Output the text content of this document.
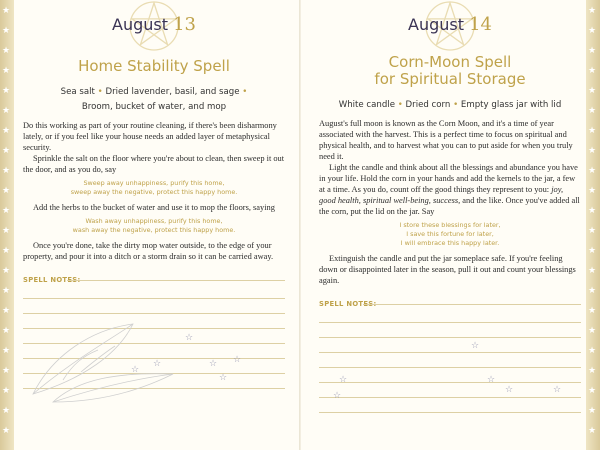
★
★
★
★
★
★
★
★
★
★
★
★
★
★
★
★
★
★
★
★
★
★
★
★
★
★
★
★
★
★
★
★
★
★
★
★
★
★
★
★
★
★
★
★
August 13
Home Stability Spell
Sea salt • Dried lavender, basil, and sage •
Broom, bucket of water, and mop

Do this working as part of your routine cleaning, if there's been disharmony lately, or if you feel like your house needs an added layer of metaphysical security.

Sprinkle the salt on the floor where you're about to clean, then sweep it out the door, and as you do, say

Sweep away unhappiness, purify this home,
sweep away the negative, protect this happy home.

Add the herbs to the bucket of water and use it to mop the floors, saying

Wash away unhappiness, purify this home,
wash away the negative, protect this happy home.

Once you're done, take the dirty mop water outside, to the edge of your property, and pour it into a ditch or a storm drain so it can be carried away.

SPELL NOTES:
☆
☆
☆	☆
☆
☆
August 14
Corn-Moon Spell
for Spiritual Storage
White candle • Dried corn • Empty glass jar with lid

August's full moon is known as the Corn Moon, and it's a time of year associated with the harvest. This is a perfect time to focus on spiritual and physical health, and to harvest what you can to put aside for when you truly need it.

Light the candle and think about all the blessings and abundance you have in your life. Hold the corn in your hands and add the kernels to the jar, a few at a time. As you do, count off the good things they represent to you: joy, good health, spiritual well-being, success, and the like. Once you've added all the corn, put the lid on the jar. Say

I store these blessings for later,
I save this fortune for later,
I will embrace this happy later.

Extinguish the candle and put the jar someplace safe. If you're feeling down or disappointed later in the season, pull it out and count your blessings again.

SPELL NOTES:
☆
☆
☆
☆
☆	☆
